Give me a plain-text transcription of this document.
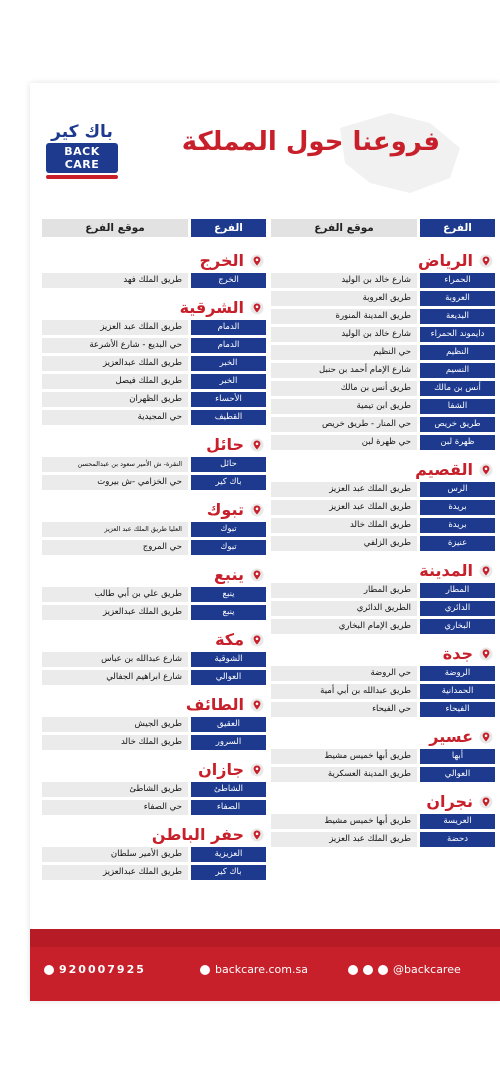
باك كير
BACK CARE
فروعنا حول المملكة
الفرع
موقع الفرع
الرياض
الحمراء
شارع خالد بن الوليد
العروبة
طريق العروبة
البديعة
طريق المدينة المنورة
دايموند الحمراء
شارع خالد بن الوليد
النظيم
حي النظيم
النسيم
شارع الإمام أحمد بن حنبل
أنس بن مالك
طريق أنس بن مالك
الشفا
طريق ابن تيمية
طريق خريص
حي المنار - طريق خريص
ظهرة لبن
حي ظهرة لبن
القصيم
الرس
طريق الملك عبد العزيز
بريدة
طريق الملك عبد العزيز
بريدة
طريق الملك خالد
عنيزة
طريق الزلفي
المدينة
المطار
طريق المطار
الدائري
الطريق الدائري
البخاري
طريق الإمام البخاري
جدة
الروضة
حي الروضة
الحمدانية
طريق عبدالله بن أبي أمية
الفيحاء
حي الفيحاء
عسير
أبها
طريق أبها خميس مشيط
العوالي
طريق المدينة العسكرية
نجران
العريسة
طريق أبها خميس مشيط
دحضة
طريق الملك عبد العزيز
الفرع
موقع الفرع
الخرج
الخرج
طريق الملك فهد
الشرقية
الدمام
طريق الملك عبد العزيز
الدمام
حي البديع - شارع الأشرعة
الخبر
طريق الملك عبدالعزيز
الخبر
طريق الملك فيصل
الأحساء
طريق الظهران
القطيف
حي المجيدية
حائل
حائل
النقرة- ش الأمير سعود بن عبدالمحسن
باك كير
حي الخزامي -ش بيروت
تبوك
تبوك
العليا طريق الملك عبد العزيز
تبوك
حي المروج
ينبع
ينبع
طريق علي بن أبي طالب
ينبع
طريق الملك عبدالعزيز
مكة
الشوقية
شارع عبدالله بن عباس
العوالي
شارع ابراهيم الجفالي
الطائف
العقيق
طريق الجيش
السرور
طريق الملك خالد
جازان
الشاطئ
طريق الشاطئ
الصفاء
حي الصفاء
حفر الباطن
العزيزية
طريق الأمير سلطان
باك كير
طريق الملك عبدالعزيز
920007925	backcare.com.sa	@backcaree
